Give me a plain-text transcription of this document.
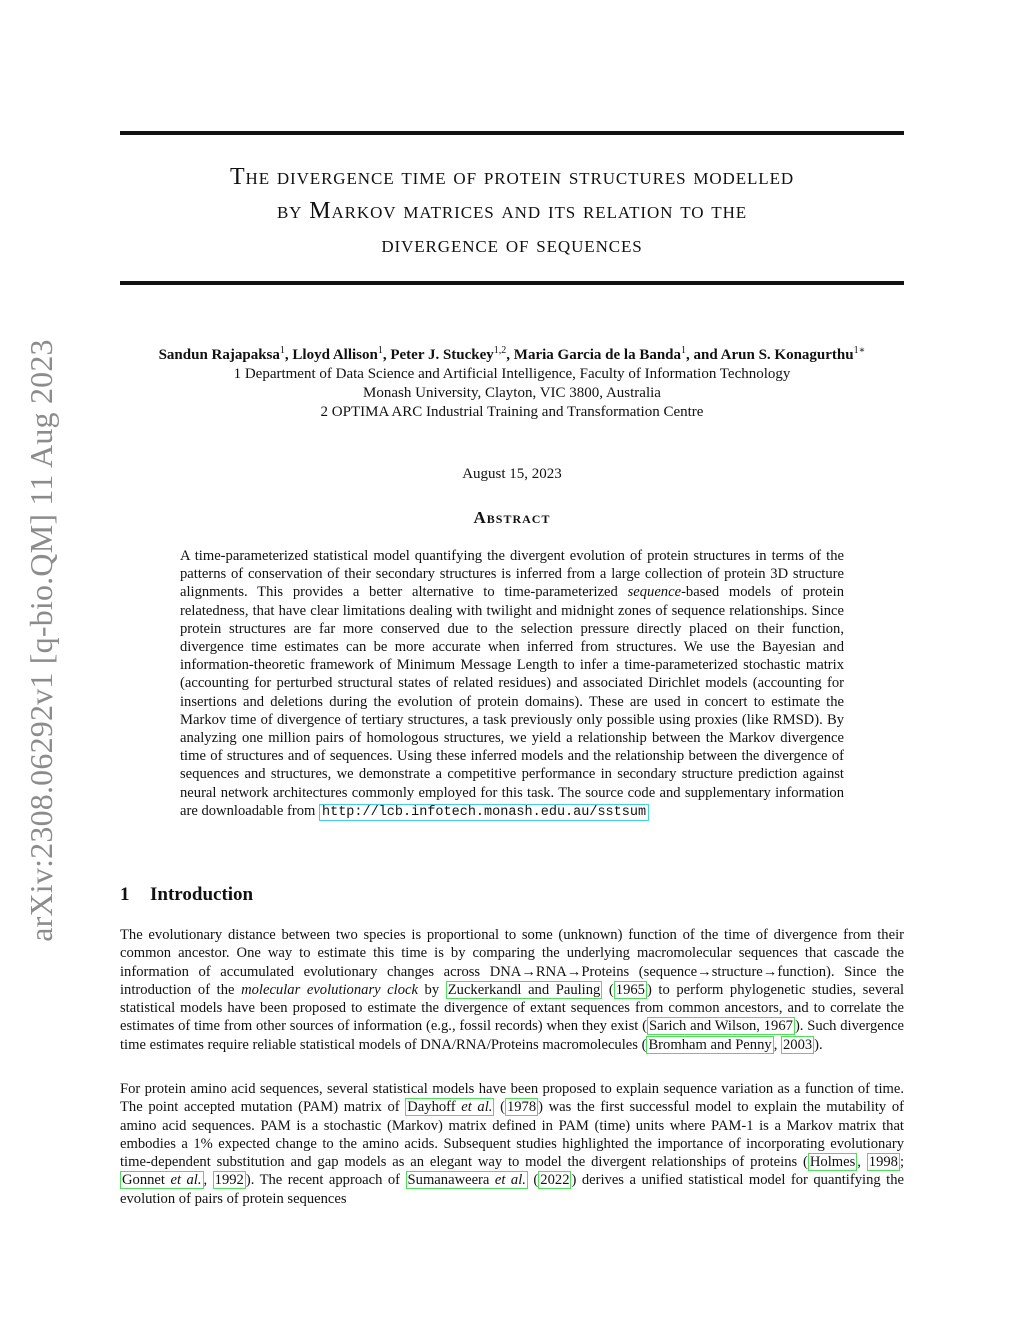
arXiv:2308.06292v1 [q-bio.QM] 11 Aug 2023
The divergence time of protein structures modelled
by Markov matrices and its relation to the
divergence of sequences
Sandun Rajapaksa$^1$, Lloyd Allison$^1$, Peter J. Stuckey$^{1,2}$, Maria Garcia de la Banda$^1$, and Arun S. Konagurthu$^{1∗}$
1 Department of Data Science and Artificial Intelligence, Faculty of Information Technology
Monash University, Clayton, VIC 3800, Australia
2 OPTIMA ARC Industrial Training and Transformation Centre
August 15, 2023
Abstract
A time-parameterized statistical model quantifying the divergent evolution of protein structures in terms of the patterns of conservation of their secondary structures is inferred from a large collection of protein 3D structure alignments. This provides a better alternative to time-parameterized sequence-based models of protein relatedness, that have clear limitations dealing with twilight and midnight zones of sequence relationships. Since protein structures are far more conserved due to the selection pressure directly placed on their function, divergence time estimates can be more accurate when inferred from structures. We use the Bayesian and information-theoretic framework of Minimum Message Length to infer a time-parameterized stochastic matrix (accounting for perturbed structural states of related residues) and associated Dirichlet models (accounting for insertions and deletions during the evolution of protein domains). These are used in concert to estimate the Markov time of divergence of tertiary structures, a task previously only possible using proxies (like RMSD). By analyzing one million pairs of homologous structures, we yield a relationship between the Markov divergence time of structures and of sequences. Using these inferred models and the relationship between the divergence of sequences and structures, we demonstrate a competitive performance in secondary structure prediction against neural network architectures commonly employed for this task. The source code and supplementary information are downloadable from http://lcb.infotech.monash.edu.au/sstsum
1 Introduction
The evolutionary distance between two species is proportional to some (unknown) function of the time of divergence from their common ancestor. One way to estimate this time is by comparing the underlying macromolecular sequences that cascade the information of accumulated evolutionary changes across DNA→RNA→Proteins (sequence→structure→function). Since the introduction of the molecular evolutionary clock by Zuckerkandl and Pauling ( 1965 ) to perform phylogenetic studies, several statistical models have been proposed to estimate the divergence of extant sequences from common ancestors, and to correlate the estimates of time from other sources of information (e.g., fossil records) when they exist ( Sarich and Wilson, 1967 ). Such divergence time estimates require reliable statistical models of DNA/RNA/Proteins macromolecules ( Bromham and Penny , 2003 ).
For protein amino acid sequences, several statistical models have been proposed to explain sequence variation as a function of time. The point accepted mutation (PAM) matrix of Dayhoff et al. ( 1978 ) was the first successful model to explain the mutability of amino acid sequences. PAM is a stochastic (Markov) matrix defined in PAM (time) units where PAM-1 is a Markov matrix that embodies a 1% expected change to the amino acids. Subsequent studies highlighted the importance of incorporating evolutionary time-dependent substitution and gap models as an elegant way to model the divergent relationships of proteins ( Holmes , 1998 ; Gonnet et al. , 1992 ). The recent approach of Sumanaweera et al. ( 2022 ) derives a unified statistical model for quantifying the evolution of pairs of protein sequences
